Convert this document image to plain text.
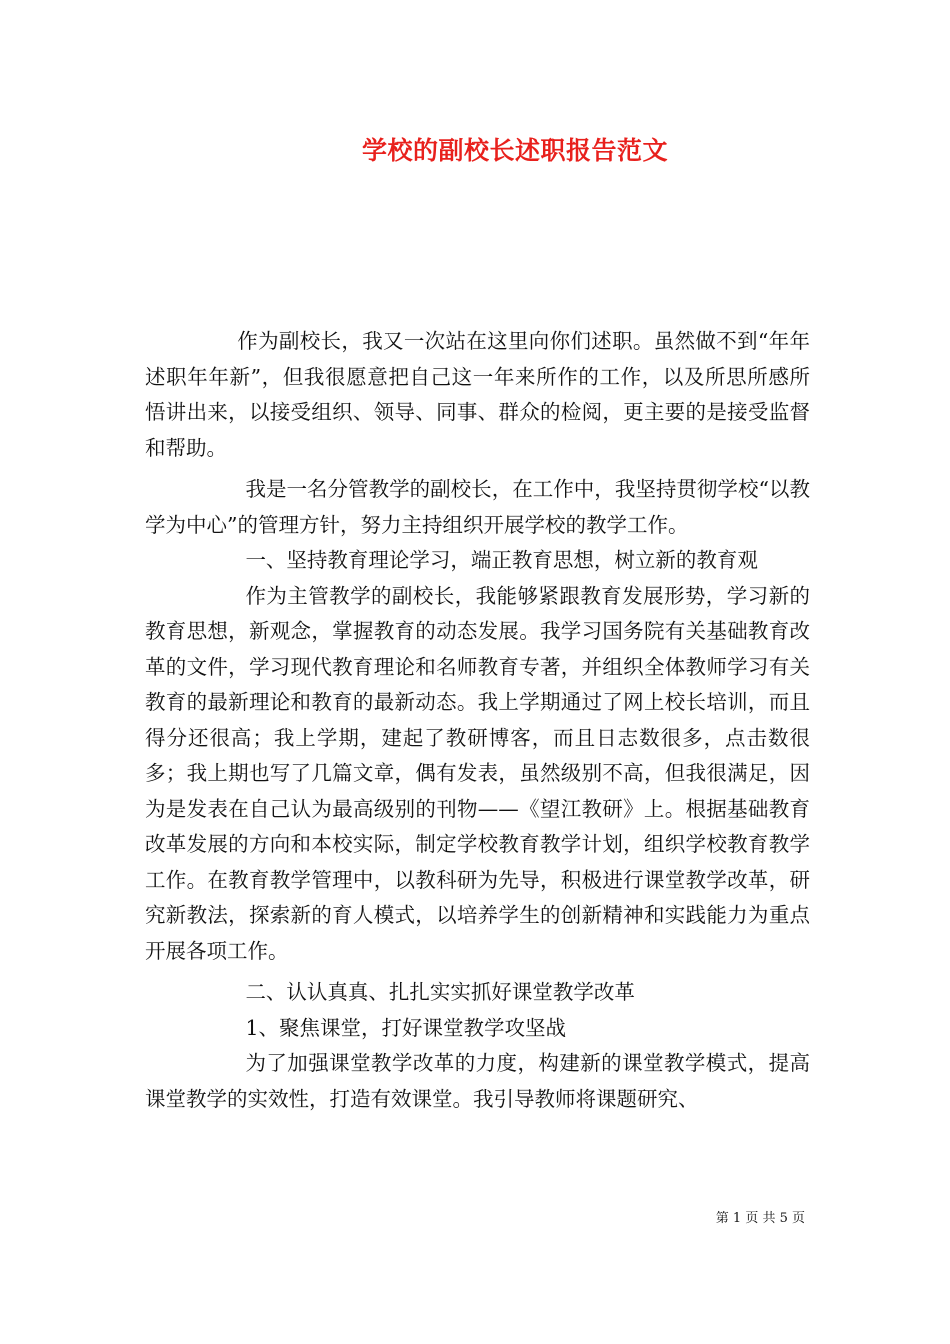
学校的副校长述职报告范文

作为副校长，我又一次站在这里向你们述职。虽然做不到“年年述职年年新”，但我很愿意把自己这一年来所作的工作，以及所思所感所悟讲出来，以接受组织、领导、同事、群众的检阅，更主要的是接受监督和帮助。

我是一名分管教学的副校长，在工作中，我坚持贯彻学校“以教学为中心”的管理方针，努力主持组织开展学校的教学工作。

一、坚持教育理论学习，端正教育思想，树立新的教育观

作为主管教学的副校长，我能够紧跟教育发展形势，学习新的教育思想，新观念，掌握教育的动态发展。我学习国务院有关基础教育改革的文件，学习现代教育理论和名师教育专著，并组织全体教师学习有关教育的最新理论和教育的最新动态。我上学期通过了网上校长培训，而且得分还很高；我上学期，建起了教研博客，而且日志数很多，点击数很多；我上期也写了几篇文章，偶有发表，虽然级别不高，但我很满足，因为是发表在自己认为最高级别的刊物——《望江教研》上。根据基础教育改革发展的方向和本校实际，制定学校教育教学计划，组织学校教育教学工作。在教育教学管理中，以教科研为先导，积极进行课堂教学改革，研究新教法，探索新的育人模式，以培养学生的创新精神和实践能力为重点开展各项工作。

二、认认真真、扎扎实实抓好课堂教学改革

1、聚焦课堂，打好课堂教学攻坚战

为了加强课堂教学改革的力度，构建新的课堂教学模式，提高课堂教学的实效性，打造有效课堂。我引导教师将课题研究、

第 1 页 共 5 页
